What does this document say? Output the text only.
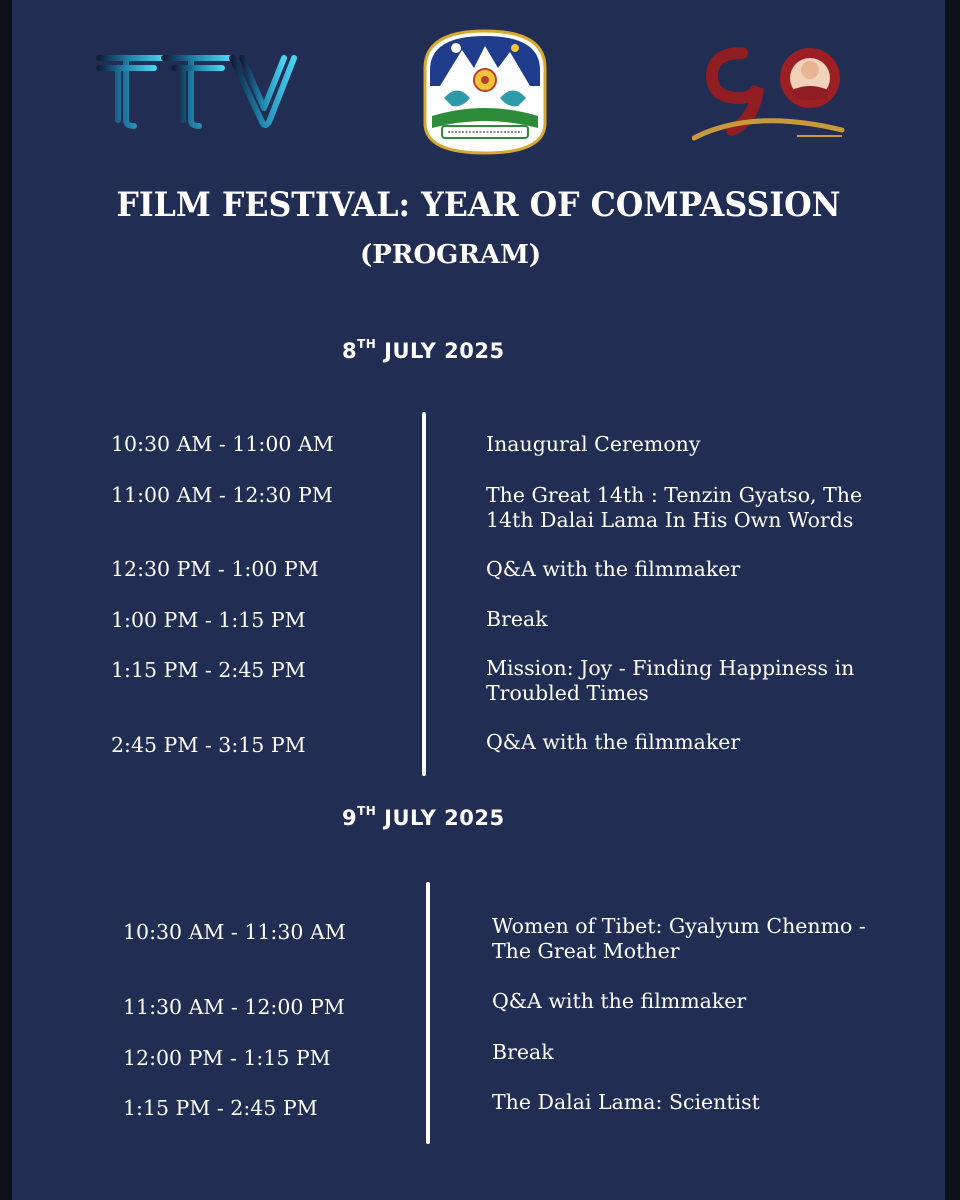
FILM FESTIVAL: YEAR OF COMPASSION
(PROGRAM)
8TH JULY 2025
10:30 AM - 11:00 AM	Inaugural Ceremony
11:00 AM - 12:30 PM	The Great 14th : Tenzin Gyatso, The 14th Dalai Lama In His Own Words
12:30 PM - 1:00 PM	Q&A with the filmmaker
1:00 PM - 1:15 PM	Break
1:15 PM - 2:45 PM	Mission: Joy - Finding Happiness in Troubled Times
2:45 PM - 3:15 PM	Q&A with the filmmaker
9TH JULY 2025
10:30 AM - 11:30 AM	Women of Tibet: Gyalyum Chenmo - The Great Mother
11:30 AM - 12:00 PM	Q&A with the filmmaker
12:00 PM - 1:15 PM	Break
1:15 PM - 2:45 PM	The Dalai Lama: Scientist
